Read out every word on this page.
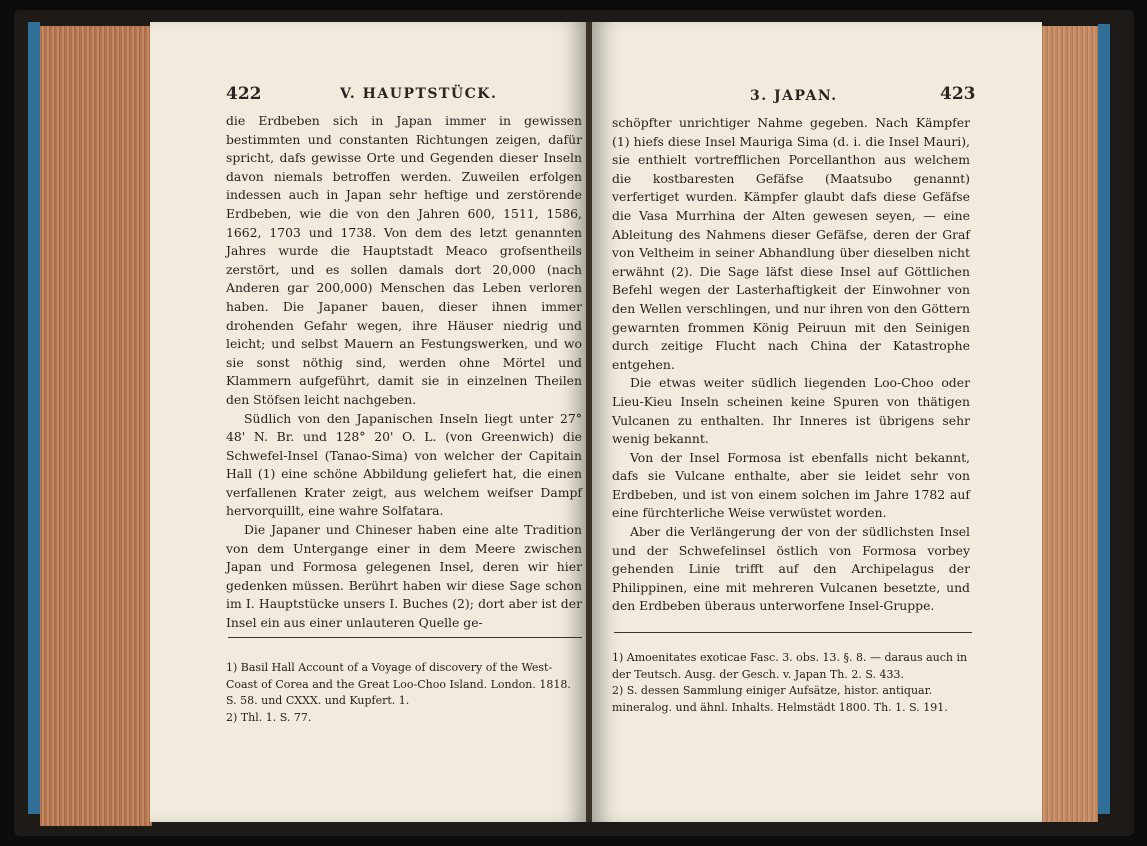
422	V. HAUPTSTÜCK.

die Erdbeben sich in Japan immer in gewissen bestimmten und constanten Richtungen zeigen, dafür spricht, dafs gewisse Orte und Gegenden dieser Inseln davon niemals betroffen werden. Zuweilen erfolgen indessen auch in Japan sehr heftige und zerstörende Erdbeben, wie die von den Jahren 600, 1511, 1586, 1662, 1703 und 1738. Von dem des letzt genannten Jahres wurde die Hauptstadt Meaco grofsentheils zerstört, und es sollen damals dort 20,000 (nach Anderen gar 200,000) Menschen das Leben verloren haben. Die Japaner bauen, dieser ihnen immer drohenden Gefahr wegen, ihre Häuser niedrig und leicht; und selbst Mauern an Festungswerken, und wo sie sonst nöthig sind, werden ohne Mörtel und Klammern aufgeführt, damit sie in einzelnen Theilen den Stöfsen leicht nachgeben.

Südlich von den Japanischen Inseln liegt unter 27° 48' N. Br. und 128° 20' O. L. (von Greenwich) die Schwefel-Insel (Tanao-Sima) von welcher der Capitain Hall (1) eine schöne Abbildung geliefert hat, die einen verfallenen Krater zeigt, aus welchem weifser Dampf hervorquillt, eine wahre Solfatara.

Die Japaner und Chineser haben eine alte Tradition von dem Untergange einer in dem Meere zwischen Japan und Formosa gelegenen Insel, deren wir hier gedenken müssen. Berührt haben wir diese Sage schon im I. Hauptstücke unsers I. Buches (2); dort aber ist der Insel ein aus einer unlauteren Quelle ge-

1) Basil Hall Account of a Voyage of discovery of the West-Coast of Corea and the Great Loo-Choo Island. London. 1818. S. 58. und CXXX. und Kupfert. 1.

2) Thl. 1. S. 77.

3. JAPAN.	423

schöpfter unrichtiger Nahme gegeben. Nach Kämpfer (1) hiefs diese Insel Mauriga Sima (d. i. die Insel Mauri), sie enthielt vortrefflichen Porcellanthon aus welchem die kostbaresten Gefäfse (Maatsubo genannt) verfertiget wurden. Kämpfer glaubt dafs diese Gefäfse die Vasa Murrhina der Alten gewesen seyen, — eine Ableitung des Nahmens dieser Gefäfse, deren der Graf von Veltheim in seiner Abhandlung über dieselben nicht erwähnt (2). Die Sage läfst diese Insel auf Göttlichen Befehl wegen der Lasterhaftigkeit der Einwohner von den Wellen verschlingen, und nur ihren von den Göttern gewarnten frommen König Peiruun mit den Seinigen durch zeitige Flucht nach China der Katastrophe entgehen.

Die etwas weiter südlich liegenden Loo-Choo oder Lieu-Kieu Inseln scheinen keine Spuren von thätigen Vulcanen zu enthalten. Ihr Inneres ist übrigens sehr wenig bekannt.

Von der Insel Formosa ist ebenfalls nicht bekannt, dafs sie Vulcane enthalte, aber sie leidet sehr von Erdbeben, und ist von einem solchen im Jahre 1782 auf eine fürchterliche Weise verwüstet worden.

Aber die Verlängerung der von der südlichsten Insel und der Schwefelinsel östlich von Formosa vorbey gehenden Linie trifft auf den Archipelagus der Philippinen, eine mit mehreren Vulcanen besetzte, und den Erdbeben überaus unterworfene Insel-Gruppe.

1) Amoenitates exoticae Fasc. 3. obs. 13. §. 8. — daraus auch in der Teutsch. Ausg. der Gesch. v. Japan Th. 2. S. 433.

2) S. dessen Sammlung einiger Aufsätze, histor. antiquar. mineralog. und ähnl. Inhalts. Helmstädt 1800. Th. 1. S. 191.
